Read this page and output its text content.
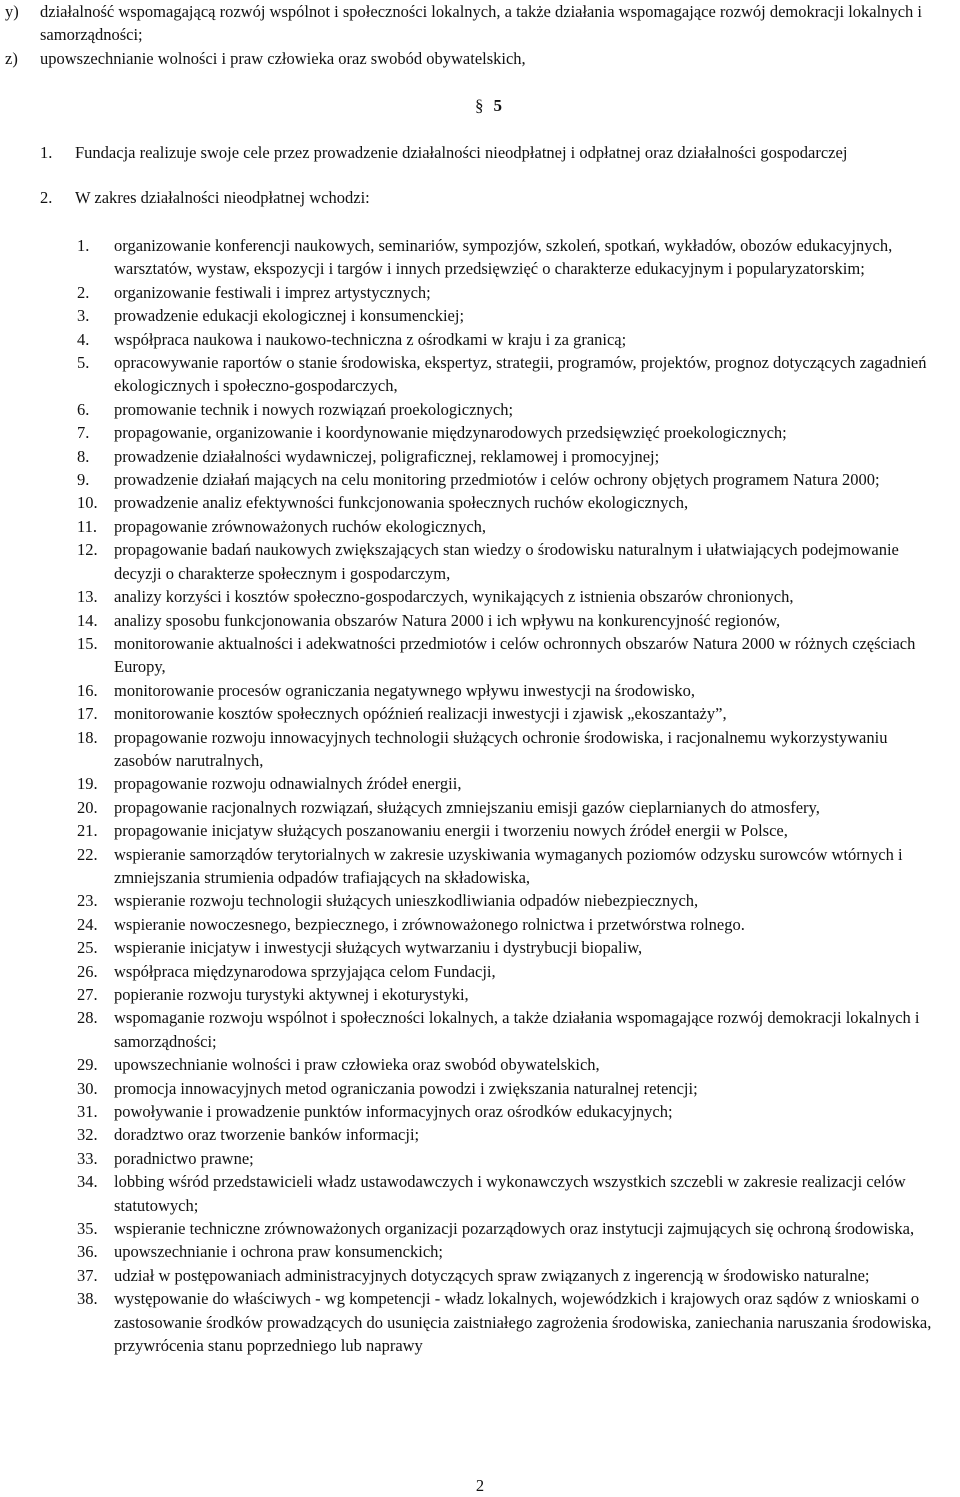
y) działalność wspomagającą rozwój wspólnot i społeczności lokalnych, a także działania wspomagające rozwój demokracji lokalnych i samorządności;
z) upowszechnianie wolności i praw człowieka oraz swobód obywatelskich,
§ 5
1. Fundacja realizuje swoje cele przez prowadzenie działalności nieodpłatnej i odpłatnej oraz działalności gospodarczej
2. W zakres działalności nieodpłatnej wchodzi:
1. organizowanie konferencji naukowych, seminariów, sympozjów, szkoleń, spotkań, wykładów, obozów edukacyjnych, warsztatów, wystaw, ekspozycji i targów i innych przedsięwzięć o charakterze edukacyjnym i popularyzatorskim;
2. organizowanie festiwali i imprez artystycznych;
3. prowadzenie edukacji ekologicznej i konsumenckiej;
4. współpraca naukowa i naukowo-techniczna z ośrodkami w kraju i za granicą;
5. opracowywanie raportów o stanie środowiska, ekspertyz, strategii, programów, projektów, prognoz dotyczących zagadnień ekologicznych i społeczno-gospodarczych,
6. promowanie technik i nowych rozwiązań proekologicznych;
7. propagowanie, organizowanie i koordynowanie międzynarodowych przedsięwzięć proekologicznych;
8. prowadzenie działalności wydawniczej, poligraficznej, reklamowej i promocyjnej;
9. prowadzenie działań mających na celu monitoring przedmiotów i celów ochrony objętych programem Natura 2000;
10. prowadzenie analiz efektywności funkcjonowania społecznych ruchów ekologicznych,
11. propagowanie zrównoważonych ruchów ekologicznych,
12. propagowanie badań naukowych zwiększających stan wiedzy o środowisku naturalnym i ułatwiających podejmowanie decyzji o charakterze społecznym i gospodarczym,
13. analizy korzyści i kosztów społeczno-gospodarczych, wynikających z istnienia obszarów chronionych,
14. analizy sposobu funkcjonowania obszarów Natura 2000 i ich wpływu na konkurencyjność regionów,
15. monitorowanie aktualności i adekwatności przedmiotów i celów ochronnych obszarów Natura 2000 w różnych częściach Europy,
16. monitorowanie procesów ograniczania negatywnego wpływu inwestycji na środowisko,
17. monitorowanie kosztów społecznych opóźnień realizacji inwestycji i zjawisk „ekoszantaży”,
18. propagowanie rozwoju innowacyjnych technologii służących ochronie środowiska, i racjonalnemu wykorzystywaniu zasobów narutralnych,
19. propagowanie rozwoju odnawialnych źródeł energii,
20. propagowanie racjonalnych rozwiązań, służących zmniejszaniu emisji gazów cieplarnianych do atmosfery,
21. propagowanie inicjatyw służących poszanowaniu energii i tworzeniu nowych źródeł energii w Polsce,
22. wspieranie samorządów terytorialnych w zakresie uzyskiwania wymaganych poziomów odzysku surowców wtórnych i zmniejszania strumienia odpadów trafiających na składowiska,
23. wspieranie rozwoju technologii służących unieszkodliwiania odpadów niebezpiecznych,
24. wspieranie nowoczesnego, bezpiecznego, i zrównoważonego rolnictwa i przetwórstwa rolnego.
25. wspieranie inicjatyw i inwestycji służących wytwarzaniu i dystrybucji biopaliw,
26. współpraca międzynarodowa sprzyjająca celom Fundacji,
27. popieranie rozwoju turystyki aktywnej i ekoturystyki,
28. wspomaganie rozwoju wspólnot i społeczności lokalnych, a także działania wspomagające rozwój demokracji lokalnych i samorządności;
29. upowszechnianie wolności i praw człowieka oraz swobód obywatelskich,
30. promocja innowacyjnych metod ograniczania powodzi i zwiększania naturalnej retencji;
31. powoływanie i prowadzenie punktów informacyjnych oraz ośrodków edukacyjnych;
32. doradztwo oraz tworzenie banków informacji;
33. poradnictwo prawne;
34. lobbing wśród przedstawicieli władz ustawodawczych i wykonawczych wszystkich szczebli w zakresie realizacji celów statutowych;
35. wspieranie techniczne zrównoważonych organizacji pozarządowych oraz instytucji zajmujących się ochroną środowiska,
36. upowszechnianie i ochrona praw konsumenckich;
37. udział w postępowaniach administracyjnych dotyczących spraw związanych z ingerencją w środowisko naturalne;
38. występowanie do właściwych - wg kompetencji - władz lokalnych, wojewódzkich i krajowych oraz sądów z wnioskami o zastosowanie środków prowadzących do usunięcia zaistniałego zagrożenia środowiska, zaniechania naruszania środowiska, przywrócenia stanu poprzedniego lub naprawy
2
